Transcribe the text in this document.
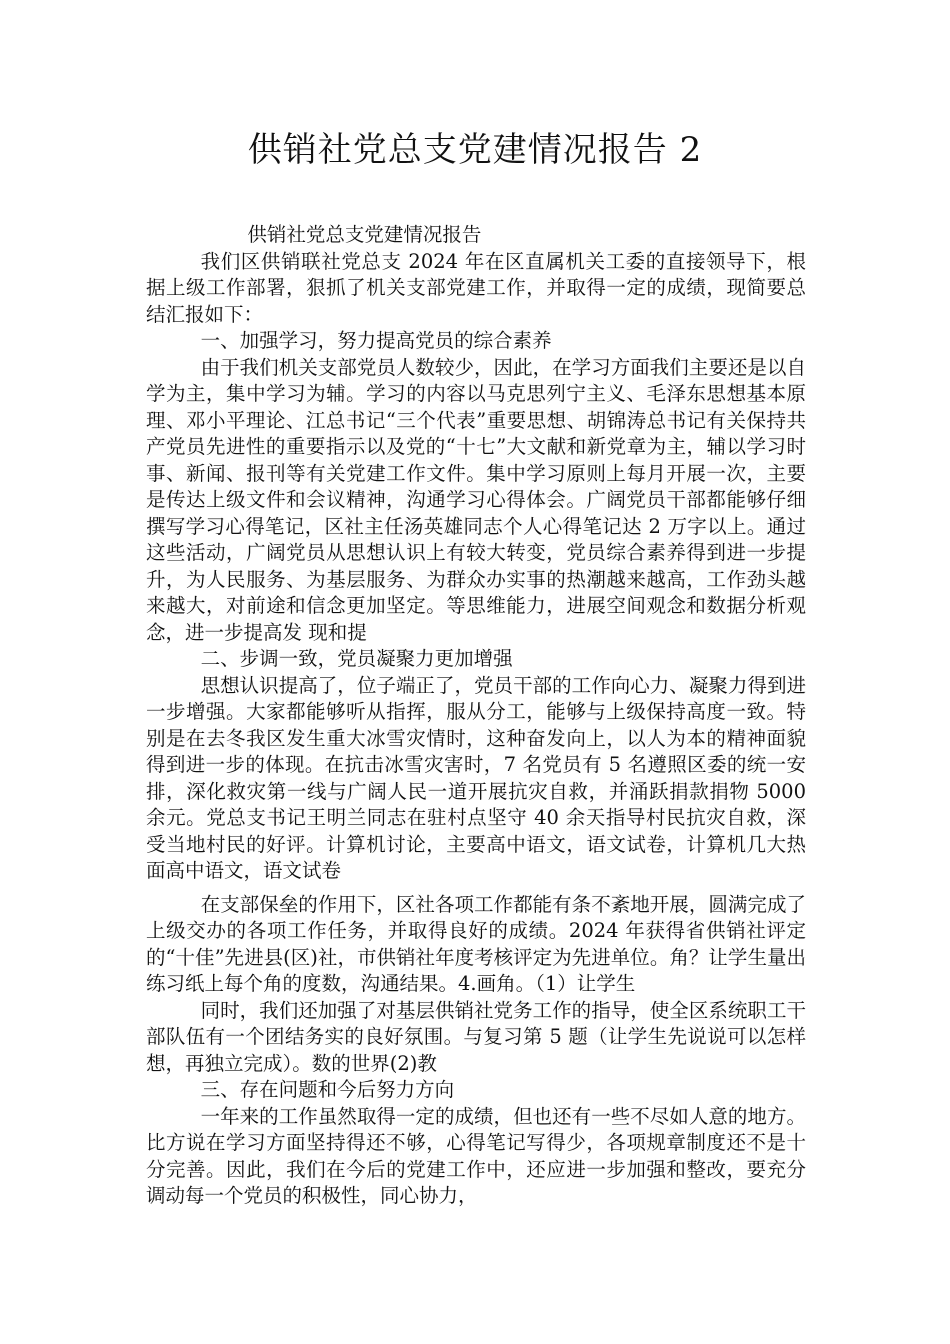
供销社党总支党建情况报告 2

供销社党总支党建情况报告

我们区供销联社党总支 2024 年在区直属机关工委的直接领导下，根据上级工作部署，狠抓了机关支部党建工作，并取得一定的成绩，现简要总结汇报如下：

一、加强学习，努力提高党员的综合素养

由于我们机关支部党员人数较少，因此，在学习方面我们主要还是以自学为主，集中学习为辅。学习的内容以马克思列宁主义、毛泽东思想基本原理、邓小平理论、江总书记“三个代表”重要思想、胡锦涛总书记有关保持共产党员先进性的重要指示以及党的“十七”大文献和新党章为主，辅以学习时事、新闻、报刊等有关党建工作文件。集中学习原则上每月开展一次，主要是传达上级文件和会议精神，沟通学习心得体会。广阔党员干部都能够仔细撰写学习心得笔记，区社主任汤英雄同志个人心得笔记达 2 万字以上。通过这些活动，广阔党员从思想认识上有较大转变，党员综合素养得到进一步提升，为人民服务、为基层服务、为群众办实事的热潮越来越高，工作劲头越来越大，对前途和信念更加坚定。等思维能力，进展空间观念和数据分析观念，进一步提高发 现和提

二、步调一致，党员凝聚力更加增强

思想认识提高了，位子端正了，党员干部的工作向心力、凝聚力得到进一步增强。大家都能够听从指挥，服从分工，能够与上级保持高度一致。特别是在去冬我区发生重大冰雪灾情时，这种奋发向上，以人为本的精神面貌得到进一步的体现。在抗击冰雪灾害时，7 名党员有 5 名遵照区委的统一安排，深化救灾第一线与广阔人民一道开展抗灾自救，并涌跃捐款捐物 5000 余元。党总支书记王明兰同志在驻村点坚守 40 余天指导村民抗灾自救，深受当地村民的好评。计算机讨论，主要高中语文，语文试卷，计算机几大热面高中语文，语文试卷

在支部保垒的作用下，区社各项工作都能有条不紊地开展，圆满完成了上级交办的各项工作任务，并取得良好的成绩。2024 年获得省供销社评定的“十佳”先进县(区)社，市供销社年度考核评定为先进单位。角？让学生量出练习纸上每个角的度数，沟通结果。4.画角。（1）让学生

同时，我们还加强了对基层供销社党务工作的指导，使全区系统职工干部队伍有一个团结务实的良好氛围。与复习第 5 题（让学生先说说可以怎样想，再独立完成）。数的世界(2)教

三、存在问题和今后努力方向

一年来的工作虽然取得一定的成绩，但也还有一些不尽如人意的地方。比方说在学习方面坚持得还不够，心得笔记写得少，各项规章制度还不是十分完善。因此，我们在今后的党建工作中，还应进一步加强和整改，要充分调动每一个党员的积极性，同心协力，
